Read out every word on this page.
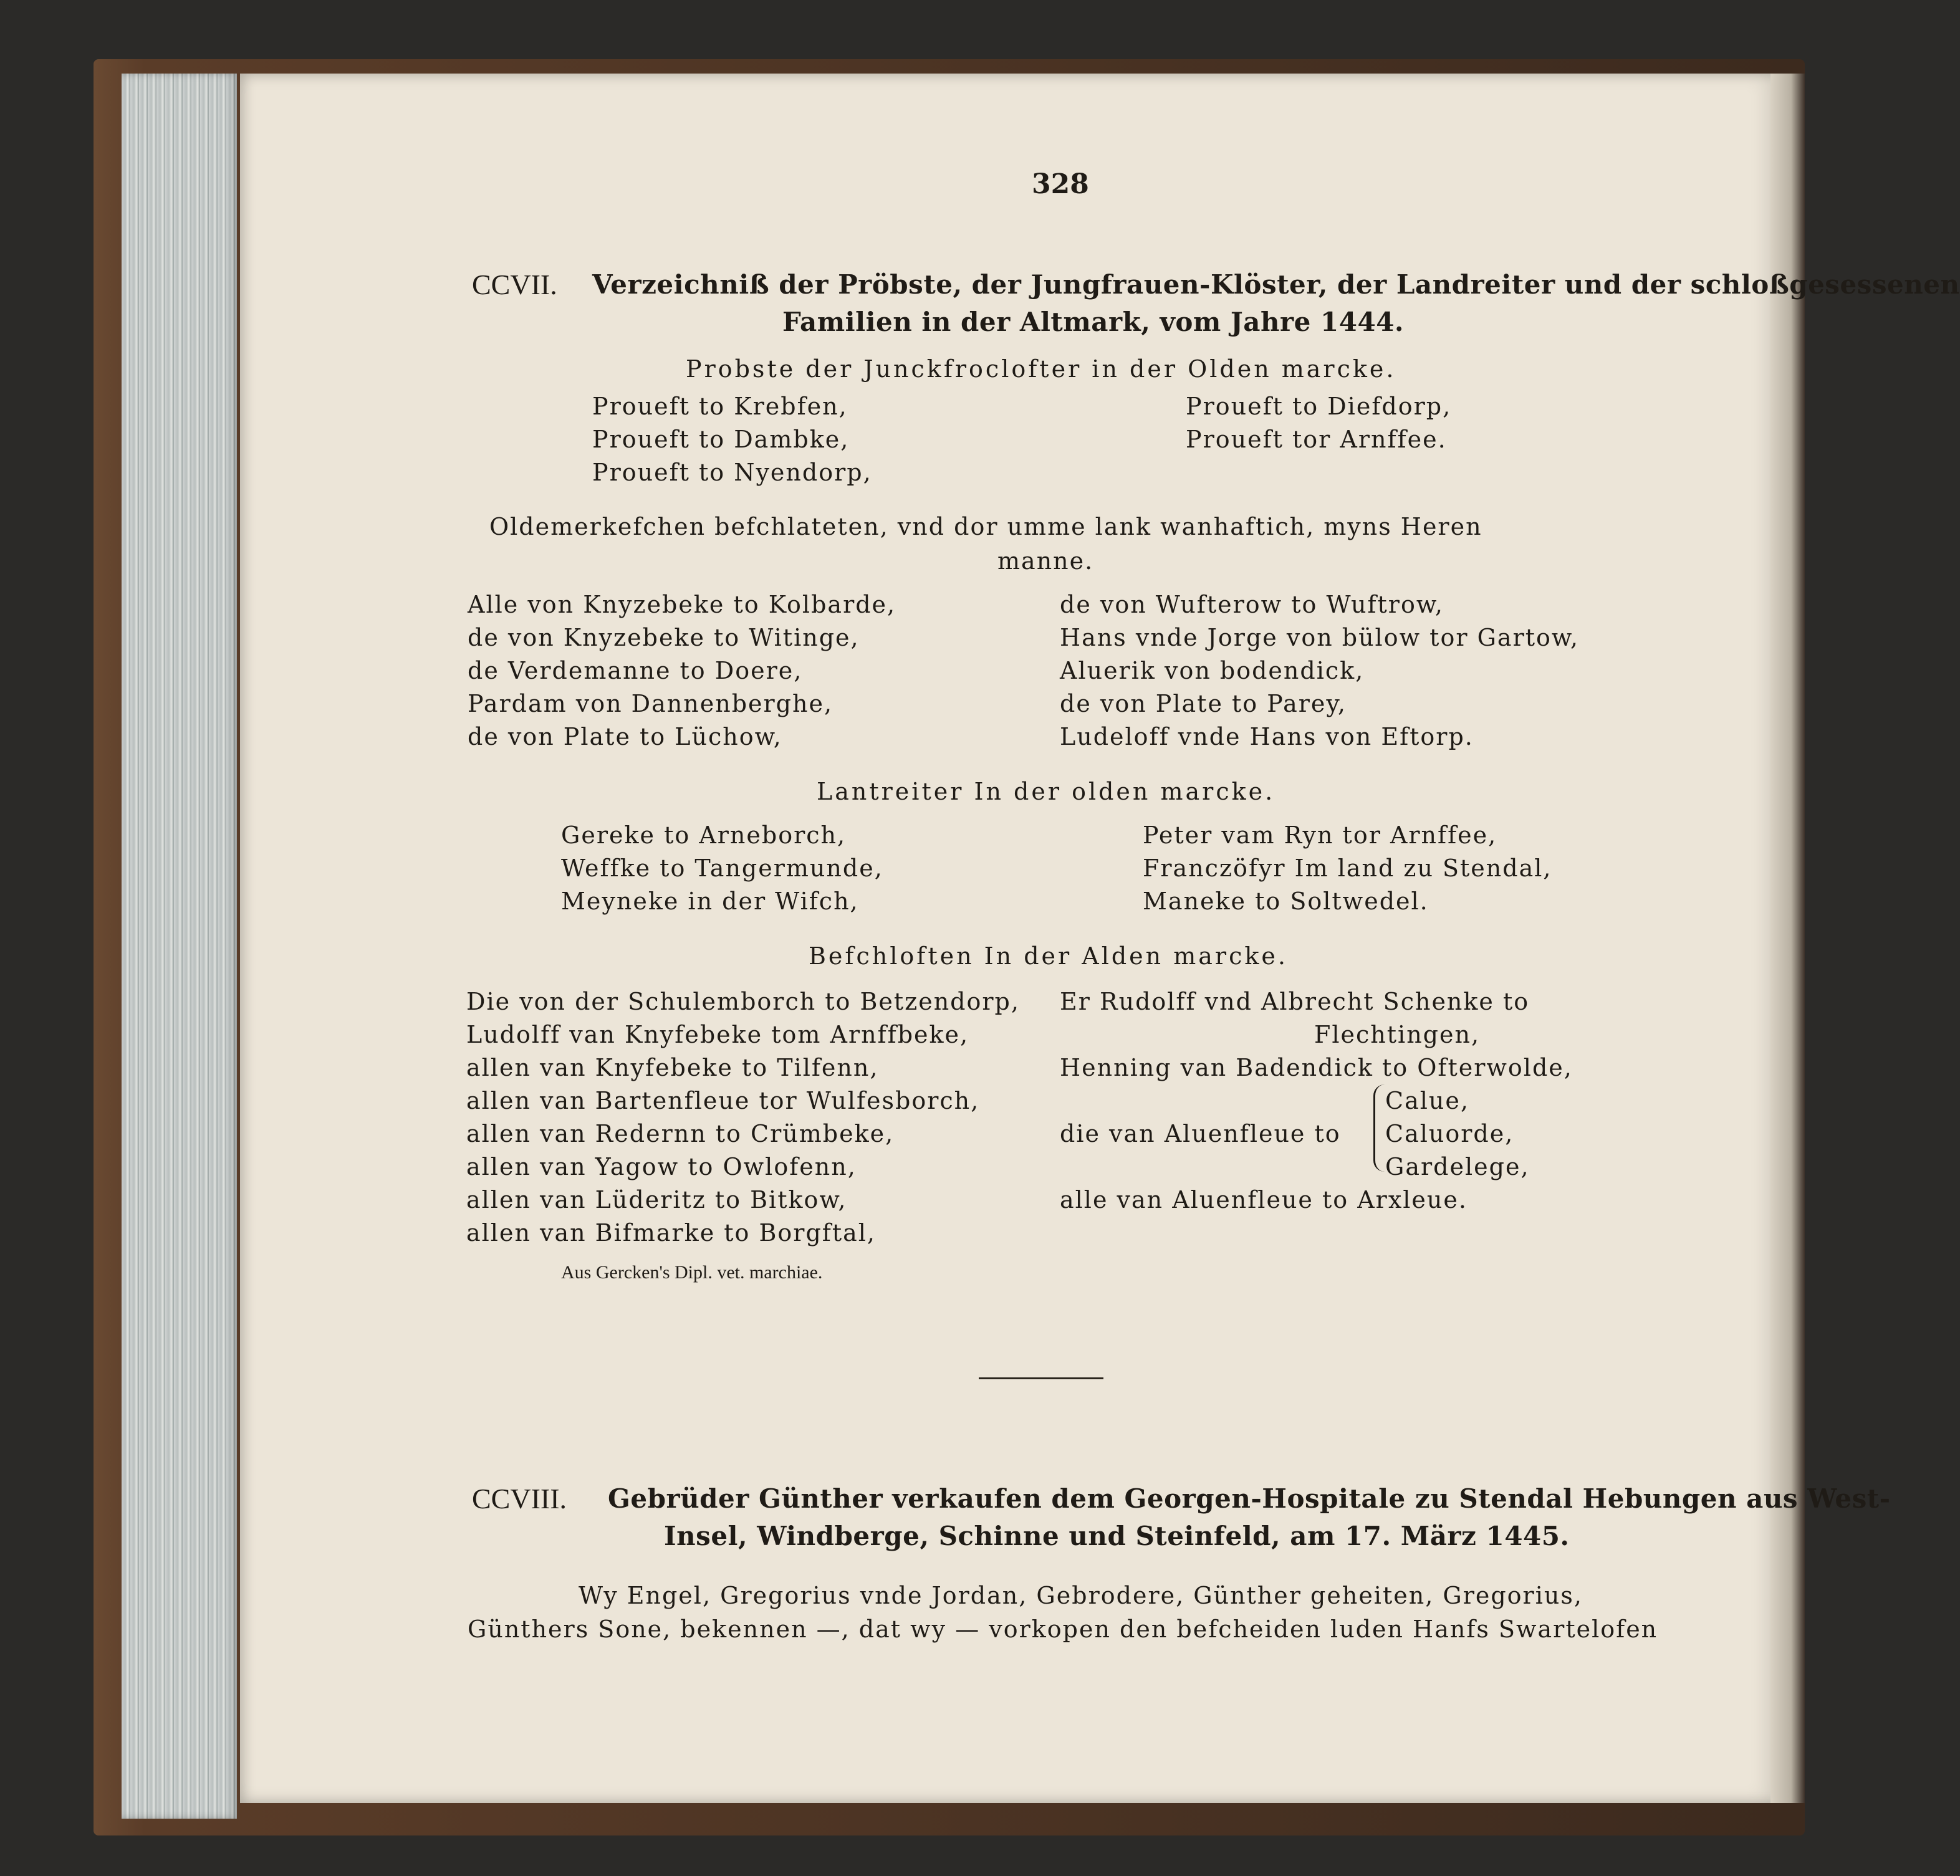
328
CCVII. Verzeichniß der Pröbste, der Jungfrauen-Klöster, der Landreiter und der schloßgesessenen
Familien in der Altmark, vom Jahre 1444.
Probste der Junckfroclofter in der Olden marcke.
Proueft to Krebfen,
Proueft to Dambke,
Proueft to Nyendorp,
Proueft to Diefdorp,
Proueft tor Arnffee.
Oldemerkefchen befchlateten, vnd dor umme lank wanhaftich, myns Heren
manne.
Alle von Knyzebeke to Kolbarde,
de von Knyzebeke to Witinge,
de Verdemanne to Doere,
Pardam von Dannenberghe,
de von Plate to Lüchow,
de von Wufterow to Wuftrow,
Hans vnde Jorge von bülow tor Gartow,
Aluerik von bodendick,
de von Plate to Parey,
Ludeloff vnde Hans von Eftorp.
Lantreiter In der olden marcke.
Gereke to Arneborch,
Weffke to Tangermunde,
Meyneke in der Wifch,
Peter vam Ryn tor Arnffee,
Franczöfyr Im land zu Stendal,
Maneke to Soltwedel.
Befchloften In der Alden marcke.
Die von der Schulemborch to Betzendorp,
Ludolff van Knyfebeke tom Arnffbeke,
allen van Knyfebeke to Tilfenn,
allen van Bartenfleue tor Wulfesborch,
allen van Redernn to Crümbeke,
allen van Yagow to Owlofenn,
allen van Lüderitz to Bitkow,
allen van Bifmarke to Borgftal,
Er Rudolff vnd Albrecht Schenke to
Flechtingen,
Henning van Badendick to Ofterwolde,
die van Aluenfleue to
Calue,
Caluorde,
Gardelege,
alle van Aluenfleue to Arxleue.
Aus Gercken's Dipl. vet. marchiae.
CCVIII. Gebrüder Günther verkaufen dem Georgen-Hospitale zu Stendal Hebungen aus West-
Insel, Windberge, Schinne und Steinfeld, am 17. März 1445.
Wy Engel, Gregorius vnde Jordan, Gebrodere, Günther geheiten, Gregorius,
Günthers Sone, bekennen —, dat wy — vorkopen den befcheiden luden Hanfs Swartelofen
